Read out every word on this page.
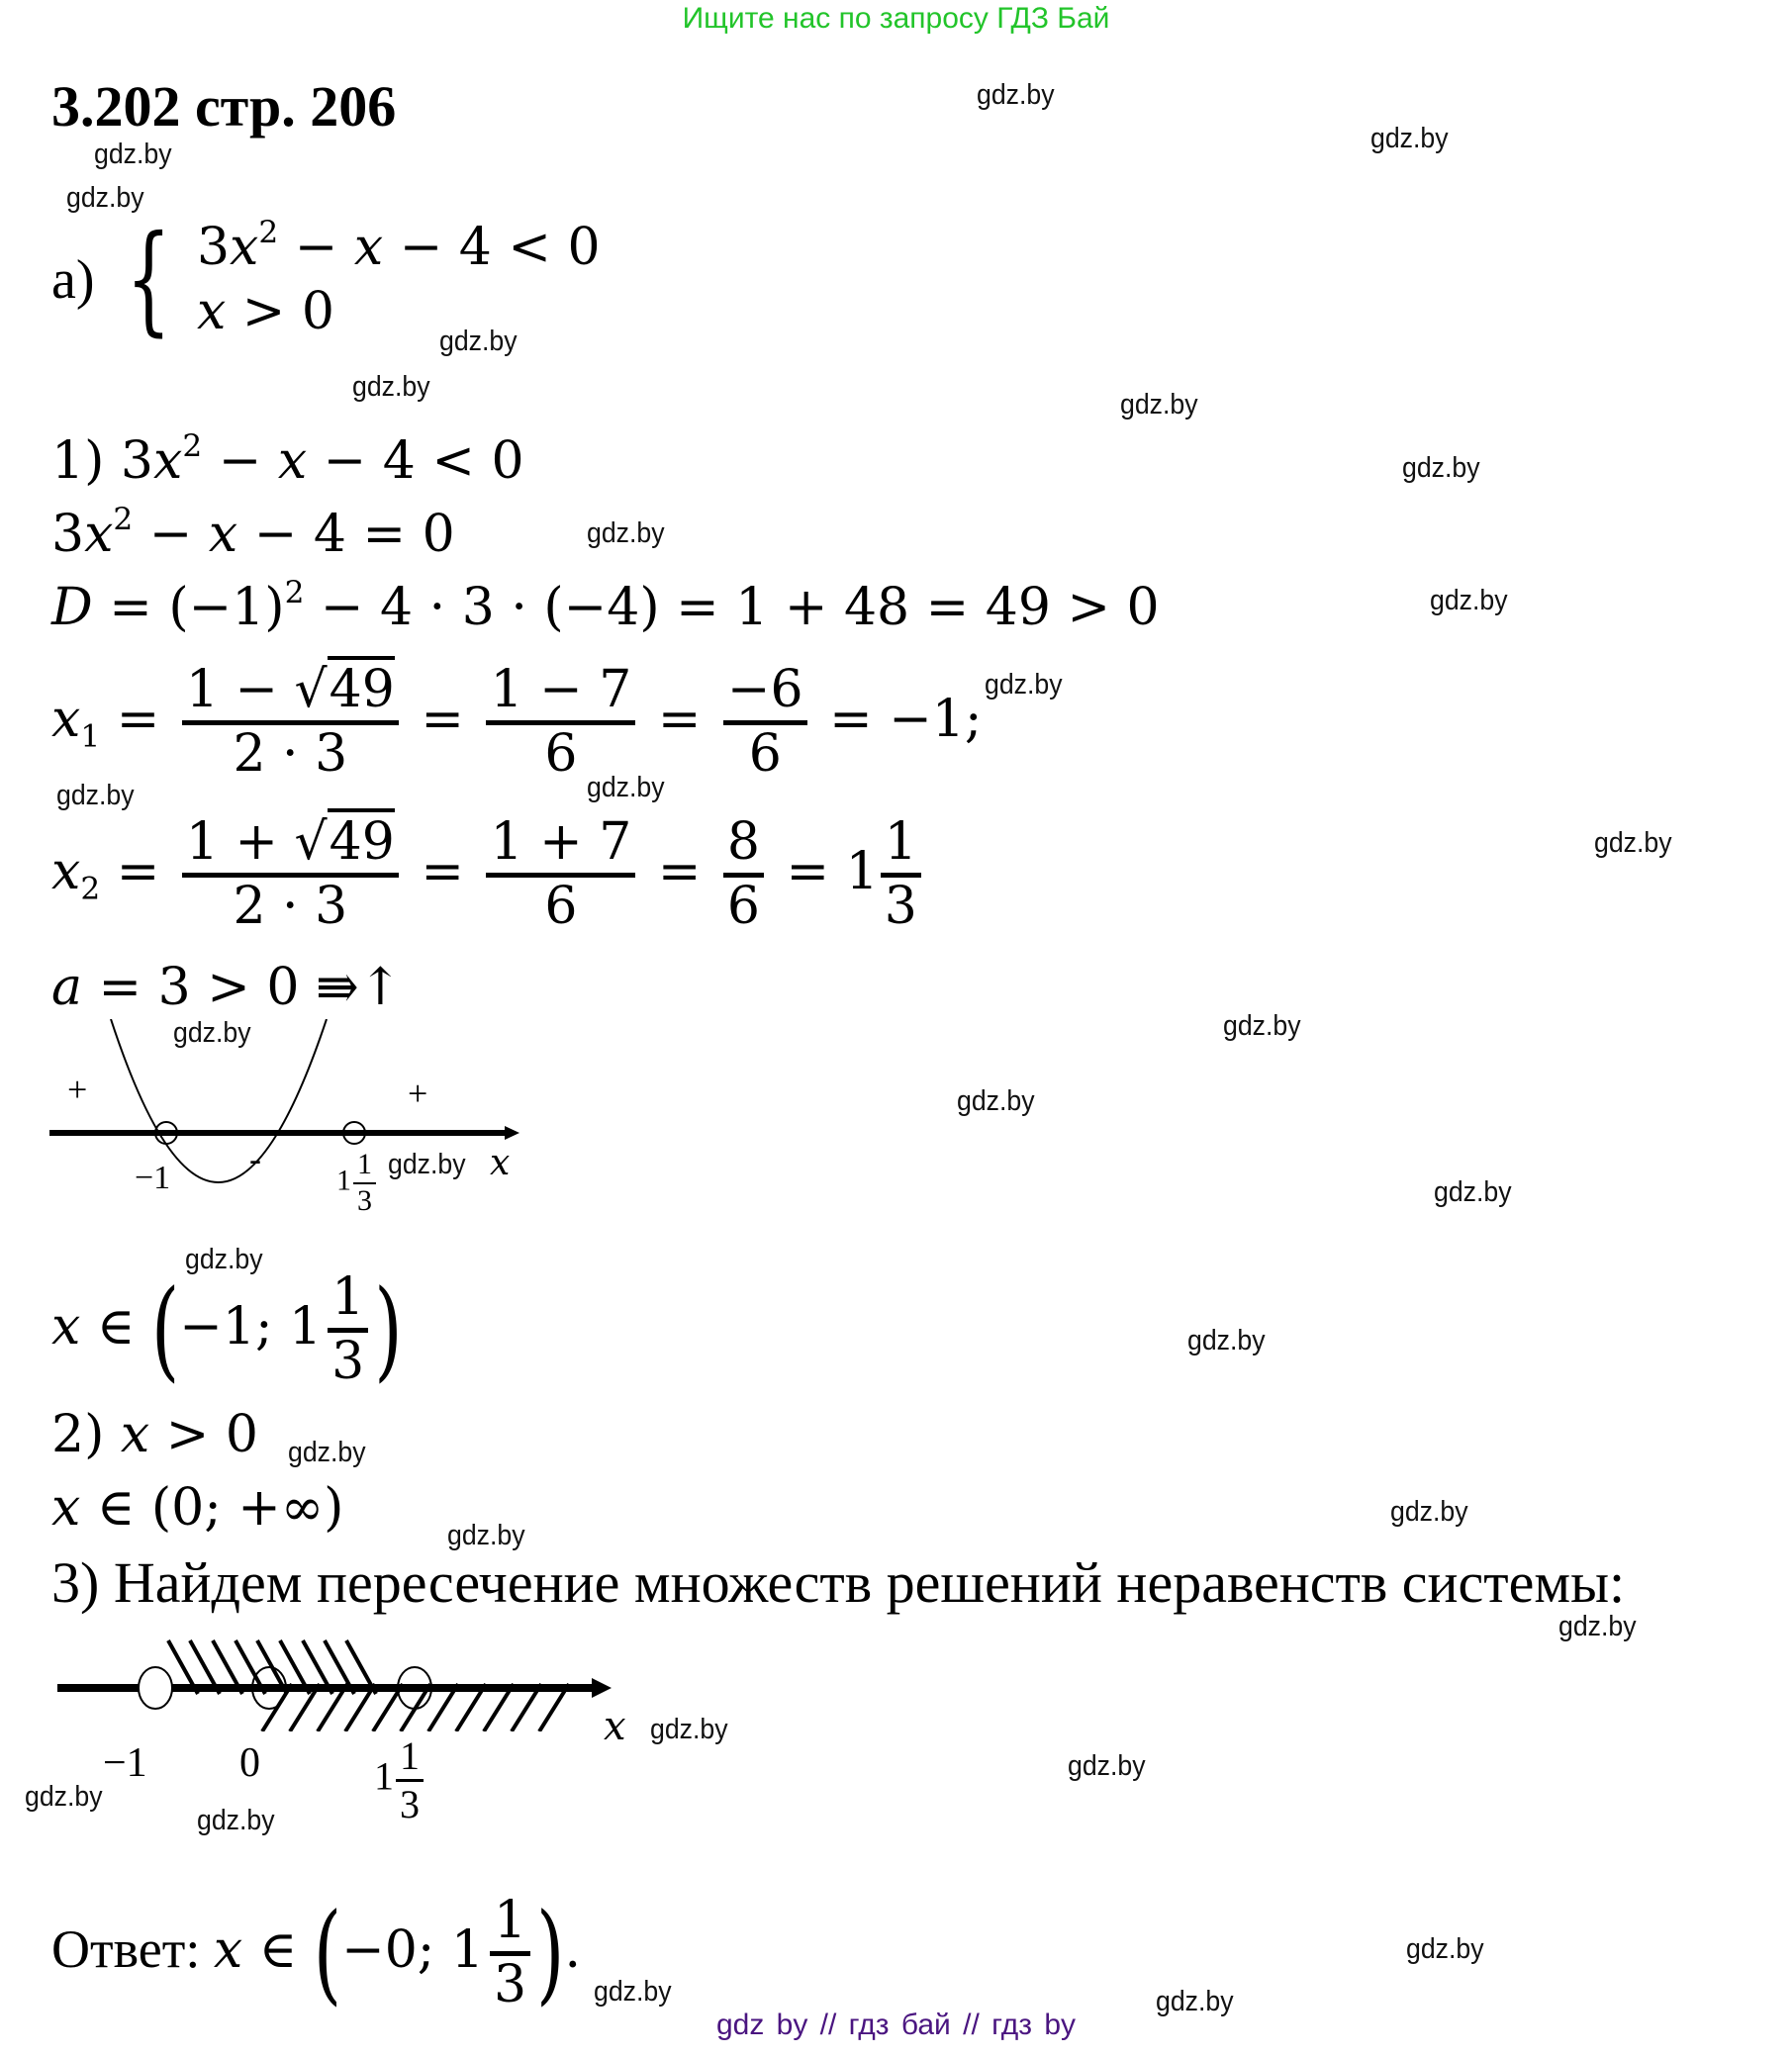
Ищите нас по запросу ГДЗ Бай
3.202 стр. 206
а) { $3x^2 - x - 4 < 0$
x > 0
1) $3x^2 - x - 4 < 0$
$3x^2 - x - 4 = 0$
$D = (-1)^2 - 4 \cdot 3 \cdot (-4) = 1 + 48 = 49 > 0$
$x_1 = 1 - √49$
2 · 3
= 1 − 7
6
= −6
6
= −1;
$x_2 = 1 + √49$
2 · 3
= 1 + 7
6
= 8
6
= 1 1
3
a = 3 > 0 ⇛↑
+
-
+
−1	$1 \frac{1}{3}$	x
x ∈ (−1; 1 1
3 )
2) x > 0
x ∈ (0; +∞)
3) Найдем пересечение множеств решений неравенств системы:
x
−1 0	$1 \frac{1}{3}$
Ответ: x ∈ (−0; 1 1
3 ).
gdz.by
gdz.by
gdz.by
gdz.by
gdz.by
gdz.by
gdz.by
gdz.by
gdz.by
gdz.by
gdz.by
gdz.by	gdz.by
gdz.by
gdz.by	gdz.by
gdz.by
gdz.by
gdz.by
gdz.by
gdz.by
gdz.by
gdz.by
gdz.by
gdz.by
gdz.by
gdz.by
gdz.by
gdz.by
gdz.by
gdz.by	gdz.by
gdz by // гдз бай // гдз by
